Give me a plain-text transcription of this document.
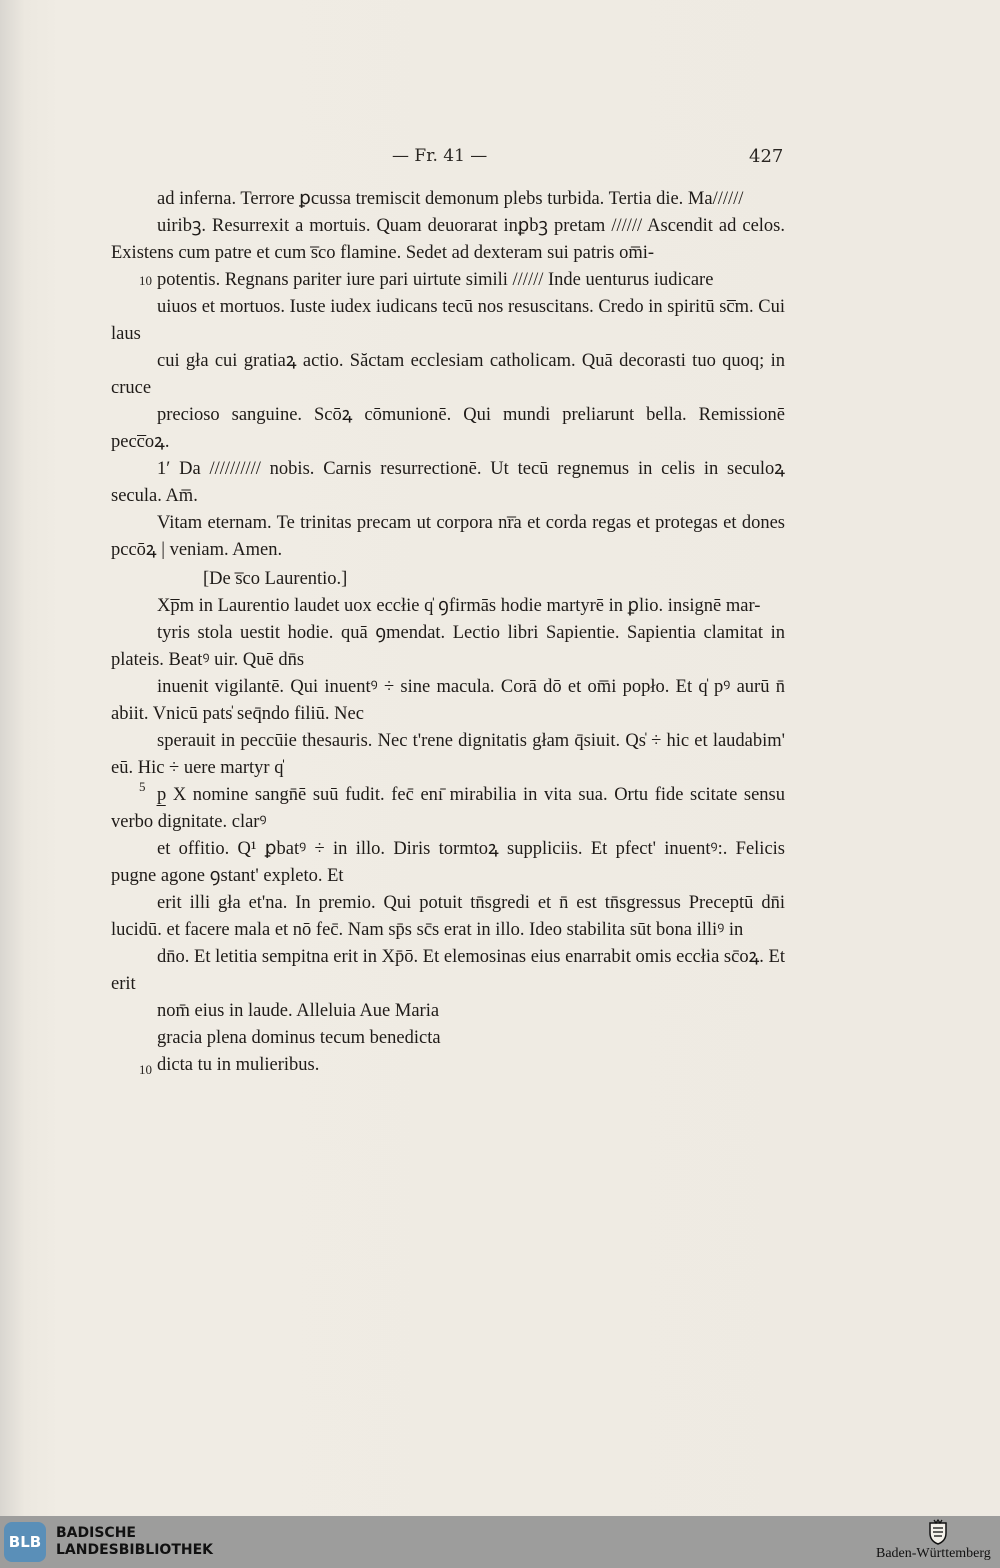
— Fr. 41 —	427
10
5
10

ad inferna. Terrore ꝑcussa tremiscit demonum plebs turbida. Tertia die. Ma//////

uiribꝫ. Resurrexit a mortuis. Quam deuorarat inꝑbꝫ pretam ////// Ascendit ad celos. Existens cum patre et cum s̅co flamine. Sedet ad dexteram sui patris om̅i-

potentis. Regnans pariter iure pari uirtute simili ////// Inde uenturus iudicare

uiuos et mortuos. Iuste iudex iudicans tecū nos resuscitans. Credo in spiritū sc̅m. Cui laus

cui gła cui gratiaꝝ actio. Săctam ecclesiam catholicam. Quā decorasti tuo quoq; in cruce

precioso sanguine. Scōꝝ cōmunionē. Qui mundi preliarunt bella. Remissionē pecc̅oꝝ.

1′ Da ////////// nobis. Carnis resurrectionē. Ut tecū regnemus in celis in seculoꝝ secula. Am̅.

Vitam eternam. Te trinitas precam ut corpora nr̅a et corda regas et protegas et dones pccōꝝ | veniam. Amen.

[De s̅co Laurentio.]

Xp̅m in Laurentio laudet uox eccłie q̍ ꝯfirmās hodie martyrē in ꝑlio. insignē mar-

tyris stola uestit hodie. quā ꝯmendat. Lectio libri Sapientie. Sapientia clamitat in plateis. Beatꝰ uir. Quē dn̄s

inuenit vigilantē. Qui inuentꝰ ÷ sine macula. Corā dō et om̅i popło. Et q̍ pꝰ aurū n̄ abiit. Vnicū pats̍ seq̄ndo filiū. Nec

sperauit in peccūie thesauris. Nec t'rene dignitatis głam q̄siuit. Qs̍ ÷ hic et laudabim' eū. Hic ÷ uere martyr q̍

p̲ X nomine sangn̄ē suū fudit. fec̄ enı̄ mirabilia in vita sua. Ortu fide scitate sensu verbo dignitate. clarꝰ

et offitio. Q¹ ꝑbatꝰ ÷ in illo. Diris tormtoꝝ suppliciis. Et pfect' inuentꝰ:. Felicis pugne agone ꝯstant' expleto. Et

erit illi gła et'na. In premio. Qui potuit tn̄sgredi et n̄ est tn̄sgressus Preceptū dn̄i lucidū. et facere mala et nō fec̄. Nam sp̄s sc̄s erat in illo. Ideo stabilita sūt bona illiꝰ in

dn̄o. Et letitia sempitna erit in Xp̄ō. Et elemosinas eius enarrabit omis eccłia sc̄oꝝ. Et erit

nom̄ eius in laude. Alleluia Aue Maria

gracia plena dominus tecum benedicta

dicta tu in mulieribus.

BLB	BADISCHE
LANDESBIBLIOTHEK	Baden-Württemberg
